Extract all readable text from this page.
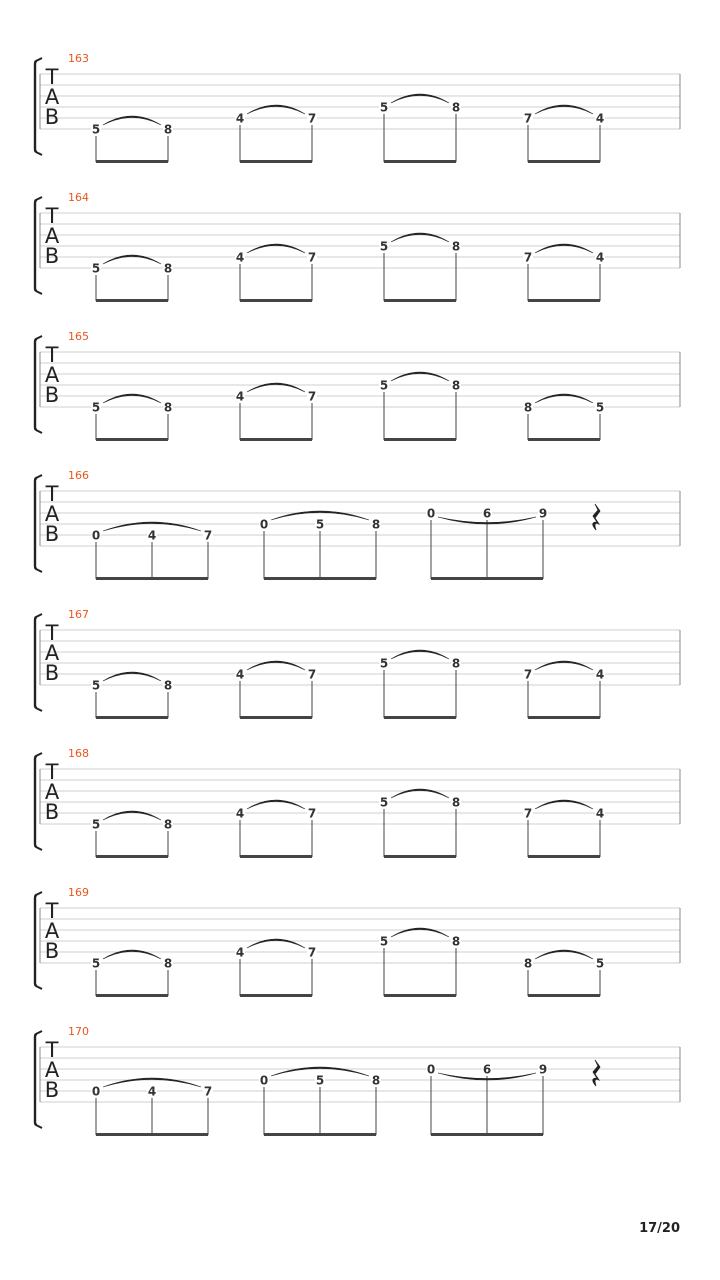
T
A
B
163
5	8
4	7
5	8
7	4
T
A
B
164
5	8
4	7
5	8
7	4
T
A
B
165
5	8
4	7
5	8
8	5
T
A
B
166
0	4	7
0	5	8
0	6	9
T
A
B
167
5	8
4	7
5	8
7	4
T
A
B
168
5	8
4	7
5	8
7	4
T
A
B
169
5	8
4	7
5	8
8	5
T
A
B
170
0	4	7
0	5	8
0	6	9
17/20
